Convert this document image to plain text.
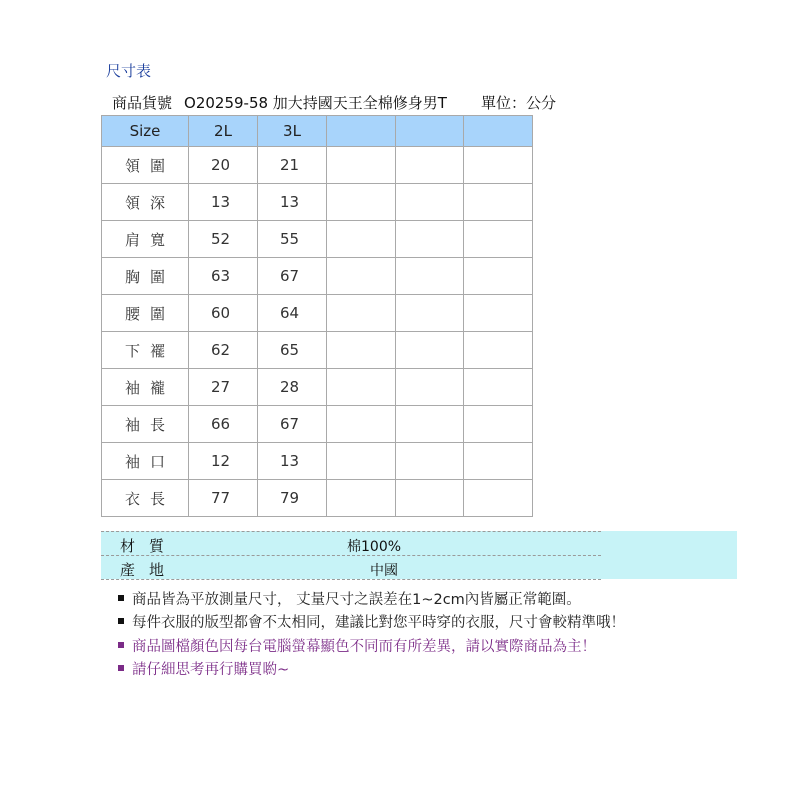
尺寸表
商品貨號 O20259-58 加大持國天王全棉修身男T 單位：公分
Size	2L	3L			
領圍	20	21			
領深	13	13			
肩寬	52	55			
胸圍	63	67			
腰圍	60	64			
下襬	62	65			
袖襱	27	28			
袖長	66	67			
袖口	12	13			
衣長	77	79			
材質	棉100%
產地	中國
商品皆為平放測量尺寸， 丈量尺寸之誤差在1~2cm內皆屬正常範圍。
每件衣服的版型都會不太相同，建議比對您平時穿的衣服，尺寸會較精準哦！
商品圖檔顏色因每台電腦螢幕顯色不同而有所差異，請以實際商品為主！
請仔細思考再行購買喲~
